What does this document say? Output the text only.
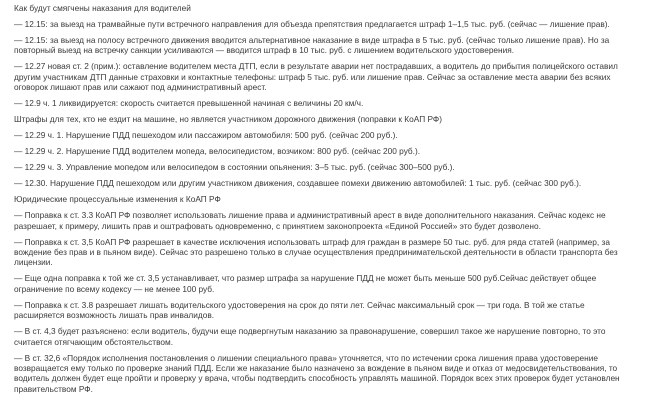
Как будут смягчены наказания для водителей
— 12.15: за выезд на трамвайные пути встречного направления для объезда препятствия предлагается штраф 1–1,5 тыс. руб. (сейчас — лишение прав).
— 12.15: за выезд на полосу встречного движения вводится альтернативное наказание в виде штрафа в 5 тыс. руб. (сейчас только лишение прав). Но за
повторный выезд на встречку санкции усиливаются — вводится штраф в 10 тыс. руб. с лишением водительского удостоверения.
— 12.27 новая ст. 2 (прим.): оставление водителем места ДТП, если в результате аварии нет пострадавших, а водитель до прибытия полицейского оставил
другим участникам ДТП данные страховки и контактные телефоны: штраф 5 тыс. руб. или лишение прав. Сейчас за оставление места аварии без всяких
оговорок лишают прав или сажают под административный арест.
— 12.9 ч. 1 ликвидируется: скорость считается превышенной начиная с величины 20 км/ч.
Штрафы для тех, кто не ездит на машине, но является участником дорожного движения (поправки к КоАП РФ)
— 12.29 ч. 1. Нарушение ПДД пешеходом или пассажиром автомобиля: 500 руб. (сейчас 200 руб.).
— 12.29 ч. 2. Нарушение ПДД водителем мопеда, велосипедистом, возчиком: 800 руб. (сейчас 200 руб.).
— 12.29 ч. 3. Управление мопедом или велосипедом в состоянии опьянения: 3–5 тыс. руб. (сейчас 300–500 руб.).
— 12.30. Нарушение ПДД пешеходом или другим участником движения, создавшее помехи движению автомобилей: 1 тыс. руб. (сейчас 300 руб.).
Юридические процессуальные изменения к КоАП РФ
— Поправка к ст. 3.3 КоАП РФ позволяет использовать лишение права и административный арест в виде дополнительного наказания. Сейчас кодекс не
разрешает, к примеру, лишить прав и оштрафовать одновременно, с принятием законопроекта «Единой Россией» это будет дозволено.
— Поправка к ст. 3,5 КоАП РФ разрешает в качестве исключения использовать штраф для граждан в размере 50 тыс. руб. для ряда статей (например, за
вождение без прав и в пьяном виде). Сейчас это разрешено только в случае осуществления предпринимательской деятельности в области транспорта без
лицензии.
— Еще одна поправка к той же ст. 3,5 устанавливает, что размер штрафа за нарушение ПДД не может быть меньше 500 руб.Сейчас действует общее
ограничение по всему кодексу — не менее 100 руб.
— Поправка к ст. 3.8 разрешает лишать водительского удостоверения на срок до пяти лет. Сейчас максимальный срок — три года. В той же статье
расширяется возможность лишать прав инвалидов.
— В ст. 4,3 будет разъяснено: если водитель, будучи еще подвергнутым наказанию за правонарушение, совершил такое же нарушение повторно, то это
считается отягчающим обстоятельством.
— В ст. 32,6 «Порядок исполнения постановления о лишении специального права» уточняется, что по истечении срока лишения права удостоверение
возвращается ему только по проверке знаний ПДД. Если же наказание было назначено за вождение в пьяном виде и отказ от медосвидетельствования, то
водитель должен будет еще пройти и проверку у врача, чтобы подтвердить способность управлять машиной. Порядок всех этих проверок будет установлен
правительством РФ.
